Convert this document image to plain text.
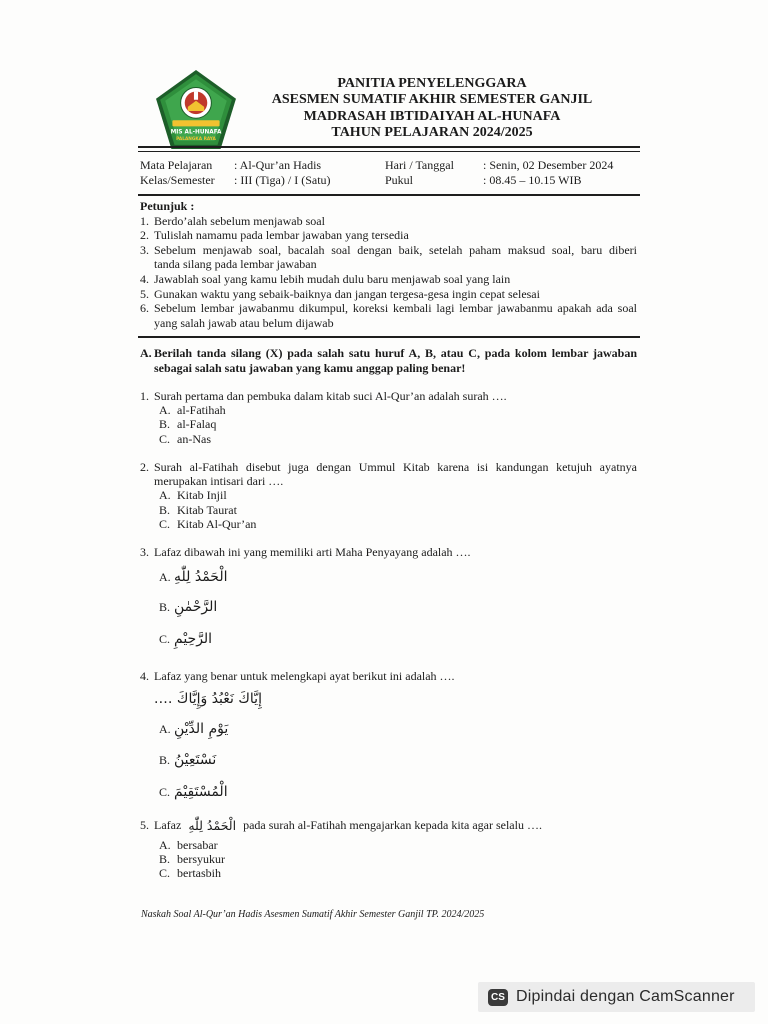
MIS AL-HUNAFA
PALANGKA RAYA
PANITIA PENYELENGGARA
ASESMEN SUMATIF AKHIR SEMESTER GANJIL
MADRASAH IBTIDAIYAH AL-HUNAFA
TAHUN PELAJARAN 2024/2025
Mata Pelajaran : Al-Qur’an Hadis	Hari / Tanggal : Senin, 02 Desember 2024
Kelas/Semester : III (Tiga) / I (Satu)	Pukul	: 08.45 – 10.15 WIB
Petunjuk :
1. Berdo’alah sebelum menjawab soal
2. Tulislah namamu pada lembar jawaban yang tersedia
3. Sebelum menjawab soal, bacalah soal dengan baik, setelah paham maksud soal, baru diberi
tanda silang pada lembar jawaban
4. Jawablah soal yang kamu lebih mudah dulu baru menjawab soal yang lain
5. Gunakan waktu yang sebaik-baiknya dan jangan tergesa-gesa ingin cepat selesai
6. Sebelum lembar jawabanmu dikumpul, koreksi kembali lagi lembar jawabanmu apakah ada soal
yang salah jawab atau belum dijawab
A. Berilah tanda silang (X) pada salah satu huruf A, B, atau C, pada kolom lembar jawaban
sebagai salah satu jawaban yang kamu anggap paling benar!
1. Surah pertama dan pembuka dalam kitab suci Al-Qur’an adalah surah ….
A. al-Fatihah
B. al-Falaq
C. an-Nas
2. Surah al-Fatihah disebut juga dengan Ummul Kitab karena isi kandungan ketujuh ayatnya
merupakan intisari dari ….
A. Kitab Injil
B. Kitab Taurat
C. Kitab Al-Qur’an
3. Lafaz dibawah ini yang memiliki arti Maha Penyayang adalah ….
A. الْحَمْدُ لِلّٰهِ
B. الرَّحْمٰنِ
C. الرَّحِيْمِ
4. Lafaz yang benar untuk melengkapi ayat berikut ini adalah ….
إِيَّاكَ نَعْبُدُ وَإِيَّاكَ ….
A. يَوْمِ الدِّيْنِ
B. نَسْتَعِيْنُ
C. الْمُسْتَقِيْمَ
5. Lafaz الْحَمْدُ لِلّٰهِ pada surah al-Fatihah mengajarkan kepada kita agar selalu ….
A. bersabar
B. bersyukur
C. bertasbih
Naskah Soal Al-Qur’an Hadis Asesmen Sumatif Akhir Semester Ganjil TP. 2024/2025
CS Dipindai dengan CamScanner
